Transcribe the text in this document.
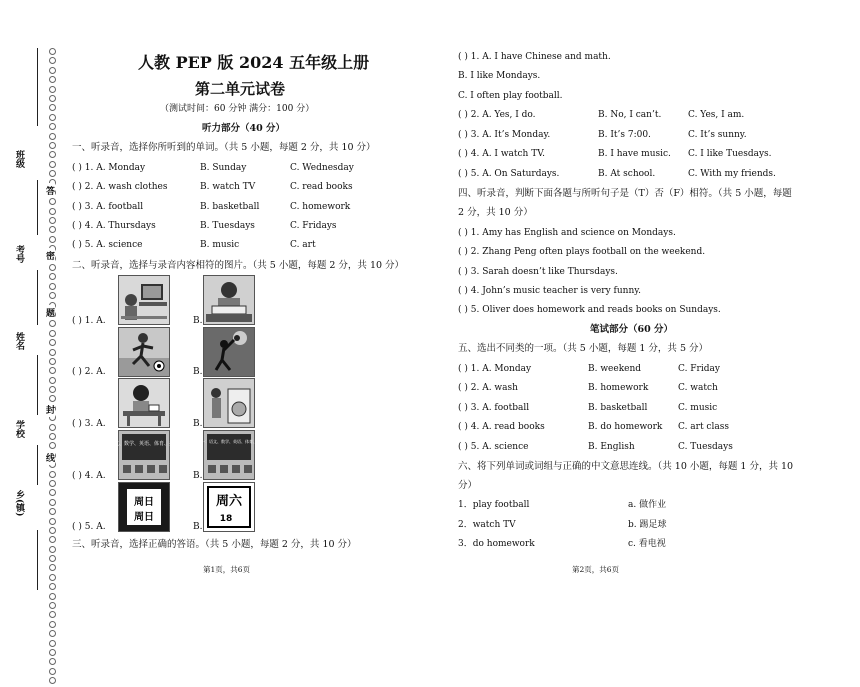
班级
考号
姓名
学校
乡(镇)
答
密
题
封
线
人教 PEP 版 2024 五年级上册
第二单元试卷
（测试时间：60 分钟 满分：100 分）
听力部分（40 分）
一、听录音，选择你所听到的单词。（共 5 小题，每题 2 分，共 10 分）
( ) 1. A. Monday	B. Sunday	C. Wednesday
( ) 2. A. wash clothes	B. watch TV	C. read books
( ) 3. A. football	B. basketball	C. homework
( ) 4. A. Thursdays	B. Tuesdays	C. Fridays
( ) 5. A. science	B. music	C. art
二、听录音，选择与录音内容相符的图片。（共 5 小题，每题 2 分，共 10 分）
( ) 1. A.	B.
( ) 2. A.	B.
( ) 3. A.	B.
( ) 4. A.	B.
( ) 5. A.	B.
语文、数学、英语、体育、美术	星期一：语文、数学、英语、体育、美术
周日
周日
周六
18
三、听录音，选择正确的答语。（共 5 小题，每题 2 分，共 10 分）
第1页，共6页
( ) 1. A. I have Chinese and math.
B. I like Mondays.
C. I often play football.
( ) 2. A. Yes, I do.	B. No, I can’t.	C. Yes, I am.
( ) 3. A. It’s Monday.	B. It’s 7:00.	C. It’s sunny.
( ) 4. A. I watch TV.	B. I have music. C. I like Tuesdays.
( ) 5. A. On Saturdays.	B. At school.	C. With my friends.
四、听录音，判断下面各题与所听句子是（T）否（F）相符。（共 5 小题，每题
2 分，共 10 分）
( ) 1. Amy has English and science on Mondays.
( ) 2. Zhang Peng often plays football on the weekend.
( ) 3. Sarah doesn’t like Thursdays.
( ) 4. John’s music teacher is very funny.
( ) 5. Oliver does homework and reads books on Sundays.
笔试部分（60 分）
五、选出不同类的一项。（共 5 小题，每题 1 分，共 5 分）
( ) 1. A. Monday	B. weekend	C. Friday
( ) 2. A. wash	B. homework	C. watch
( ) 3. A. football	B. basketball	C. music
( ) 4. A. read books	B. do homework C. art class
( ) 5. A. science	B. English	C. Tuesdays
六、将下列单词或词组与正确的中文意思连线。（共 10 小题，每题 1 分，共 10
分）
1．play football	a. 做作业
2．watch TV	b. 踢足球
3．do homework	c. 看电视
第2页，共6页
